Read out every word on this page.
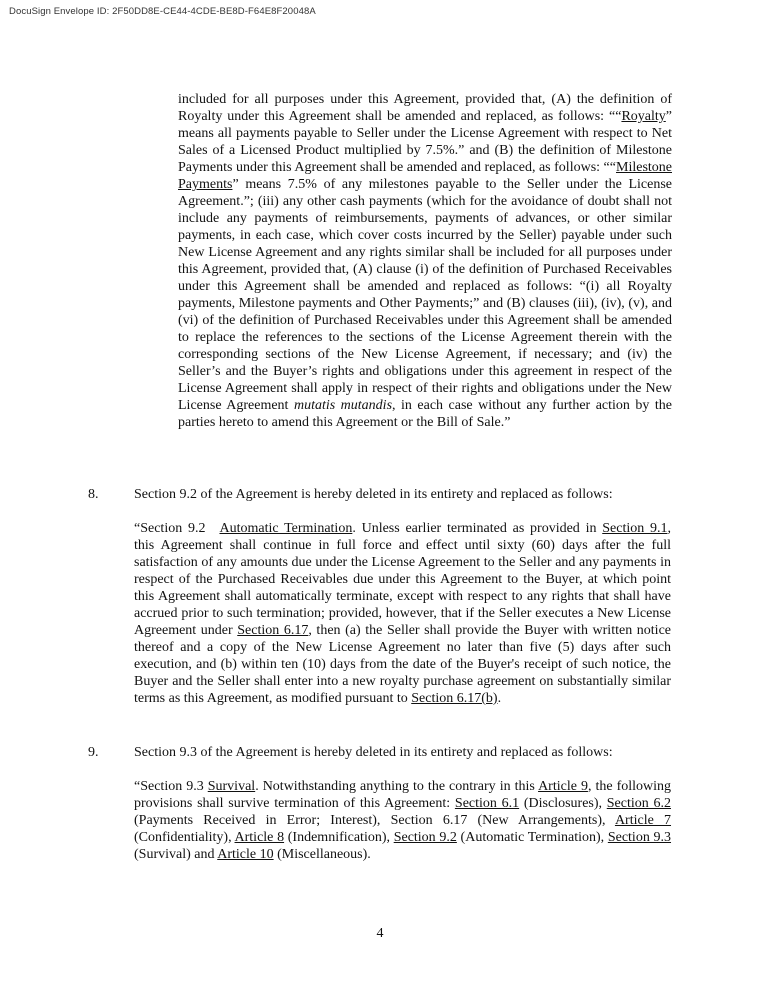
DocuSign Envelope ID: 2F50DD8E-CE44-4CDE-BE8D-F64E8F20048A
included for all purposes under this Agreement, provided that, (A) the definition of Royalty under this Agreement shall be amended and replaced, as follows: ““Royalty” means all payments payable to Seller under the License Agreement with respect to Net Sales of a Licensed Product multiplied by 7.5%.” and (B) the definition of Milestone Payments under this Agreement shall be amended and replaced, as follows: ““Milestone Payments” means 7.5% of any milestones payable to the Seller under the License Agreement.”; (iii) any other cash payments (which for the avoidance of doubt shall not include any payments of reimbursements, payments of advances, or other similar payments, in each case, which cover costs incurred by the Seller) payable under such New License Agreement and any rights similar shall be included for all purposes under this Agreement, provided that, (A) clause (i) of the definition of Purchased Receivables under this Agreement shall be amended and replaced as follows: “(i) all Royalty payments, Milestone payments and Other Payments;” and (B) clauses (iii), (iv), (v), and (vi) of the definition of Purchased Receivables under this Agreement shall be amended to replace the references to the sections of the License Agreement therein with the corresponding sections of the New License Agreement, if necessary; and (iv) the Seller’s and the Buyer’s rights and obligations under this agreement in respect of the License Agreement shall apply in respect of their rights and obligations under the New License Agreement mutatis mutandis, in each case without any further action by the parties hereto to amend this Agreement or the Bill of Sale.”
8.	Section 9.2 of the Agreement is hereby deleted in its entirety and replaced as follows:
“Section 9.2 Automatic Termination. Unless earlier terminated as provided in Section 9.1, this Agreement shall continue in full force and effect until sixty (60) days after the full satisfaction of any amounts due under the License Agreement to the Seller and any payments in respect of the Purchased Receivables due under this Agreement to the Buyer, at which point this Agreement shall automatically terminate, except with respect to any rights that shall have accrued prior to such termination; provided, however, that if the Seller executes a New License Agreement under Section 6.17, then (a) the Seller shall provide the Buyer with written notice thereof and a copy of the New License Agreement no later than five (5) days after such execution, and (b) within ten (10) days from the date of the Buyer's receipt of such notice, the Buyer and the Seller shall enter into a new royalty purchase agreement on substantially similar terms as this Agreement, as modified pursuant to Section 6.17(b).
9.	Section 9.3 of the Agreement is hereby deleted in its entirety and replaced as follows:
“Section 9.3 Survival. Notwithstanding anything to the contrary in this Article 9, the following provisions shall survive termination of this Agreement: Section 6.1 (Disclosures), Section 6.2 (Payments Received in Error; Interest), Section 6.17 (New Arrangements), Article 7 (Confidentiality), Article 8 (Indemnification), Section 9.2 (Automatic Termination), Section 9.3 (Survival) and Article 10 (Miscellaneous).
4
